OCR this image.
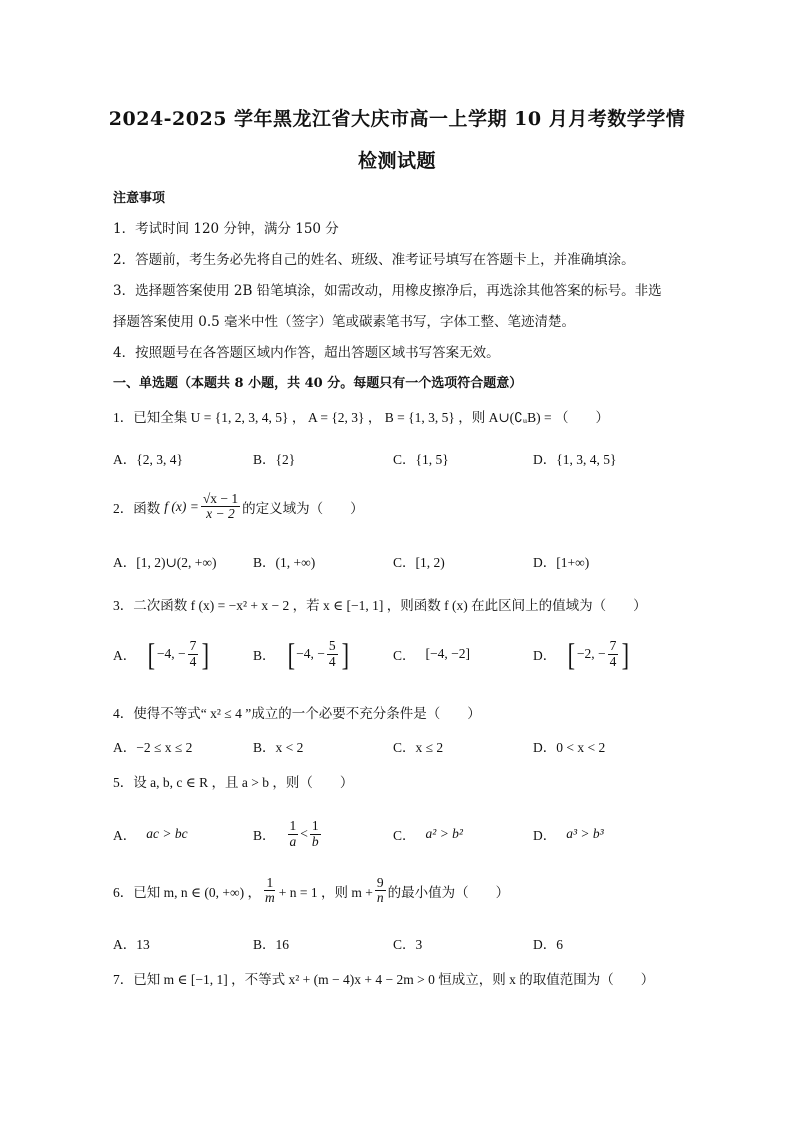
2024-2025 学年黑龙江省大庆市高一上学期 10 月月考数学学情
检测试题
注意事项
1．考试时间 120 分钟，满分 150 分
2．答题前，考生务必先将自己的姓名、班级、准考证号填写在答题卡上，并准确填涂。
3．选择题答案使用 2B 铅笔填涂，如需改动，用橡皮擦净后，再选涂其他答案的标号。非选
择题答案使用 0.5 毫米中性（签字）笔或碳素笔书写，字体工整、笔迹清楚。
4．按照题号在各答题区域内作答，超出答题区域书写答案无效。
一、单选题（本题共 8 小题，共 40 分。每题只有一个选项符合题意）
1．已知全集 U = {1, 2, 3, 4, 5} ， A = {2, 3} ， B = {1, 3, 5} ，则 A∪(∁ᵤB) = （　　）
A．{2, 3, 4}	B．{2}	C．{1, 5}	D．{1, 3, 4, 5}
2．函数 f $(x) = \frac{√x - 1}{x - 2}$ 的定义域为（　　）
A．[1, 2)∪(2, +∞)	B．(1, +∞)	C．[1, 2)	D．[1+∞)
3．二次函数 f (x) = −x² + x − 2 ，若 x ∈ [−1, 1] ，则函数 f (x) 在此区间上的值域为（　　）
A． [ −4, − $\frac{7}{4}$ ]	B． [ −4, − $\frac{5}{4}$ ]	C． [−4, −2]	D． [ −2, − $\frac{7}{4}$ ]
4．使得不等式“ x² ≤ 4 ”成立的一个必要不充分条件是（　　）
A．−2 ≤ x ≤ 2	B．x < 2	C．x ≤ 2	D．0 < x < 2
5．设 a, b, c ∈ R ，且 a > b ，则（　　）
A． ac > bc	B． $\frac{1}{a} < \frac{1}{b}$	C． a² > b²	D． a³ > b³
6．已知 m, n ∈ (0, +∞) ， $\frac{1}{m} + n = 1$ ，则 $m + \frac{9}{n}$ 的最小值为（　　）
A．13	B．16	C．3	D．6
7．已知 m ∈ [−1, 1] ，不等式 x² + (m − 4)x + 4 − 2m > 0 恒成立，则 x 的取值范围为（　　）
